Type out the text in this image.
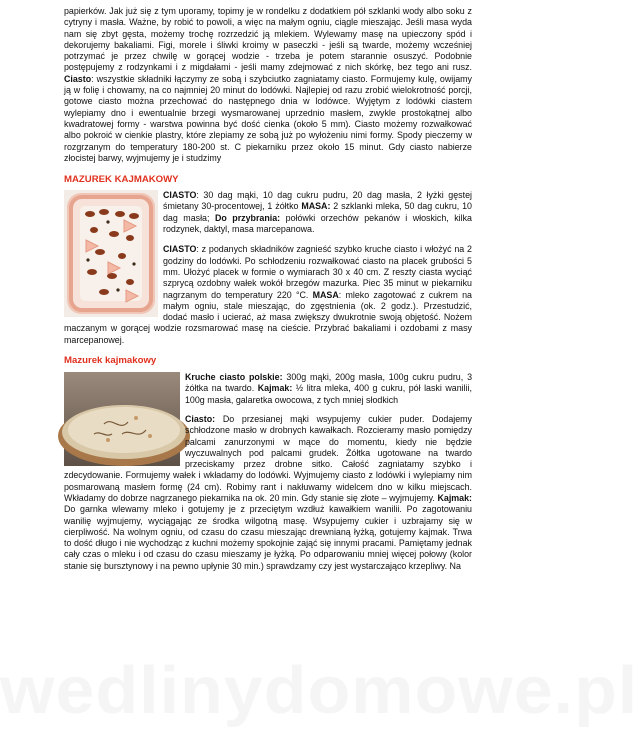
papierków. Jak już się z tym uporamy, topimy je w rondelku z dodatkiem pół szklanki wody albo soku z cytryny i masła. Ważne, by robić to powoli, a więc na małym ogniu, ciągle mieszając. Jeśli masa wyda nam się zbyt gęsta, możemy trochę rozrzedzić ją mlekiem. Wylewamy masę na upieczony spód i dekorujemy bakaliami. Figi, morele i śliwki kroimy w paseczki - jeśli są twarde, możemy wcześniej potrzymać je przez chwilę w gorącej wodzie - trzeba je potem starannie osuszyć. Podobnie postępujemy z rodzynkami i z migdałami - jeśli mamy zdejmować z nich skórkę, bez tego ani rusz. Ciasto: wszystkie składniki łączymy ze sobą i szybciutko zagniatamy ciasto. Formujemy kulę, owijamy ją w folię i chowamy, na co najmniej 20 minut do lodówki. Najlepiej od razu zrobić wielokrotność porcji, gotowe ciasto można przechować do następnego dnia w lodówce. Wyjętym z lodówki ciastem wylepiamy dno i ewentualnie brzegi wysmarowanej uprzednio masłem, zwykle prostokątnej albo kwadratowej formy - warstwa powinna być dość cienka (około 5 mm). Ciasto możemy rozwałkować albo pokroić w cienkie plastry, które zlepiamy ze sobą już po wyłożeniu nimi formy. Spody pieczemy w rozgrzanym do temperatury 180-200 st. C piekarniku przez około 15 minut. Gdy ciasto nabierze złocistej barwy, wyjmujemy je i studzimy

MAZUREK KAJMAKOWY

CIASTO: 30 dag mąki, 10 dag cukru pudru, 20 dag masła, 2 łyżki gęstej śmietany 30-procentowej, 1 żółtko MASA: 2 szklanki mleka, 50 dag cukru, 10 dag masła; Do przybrania: połówki orzechów pekanów i włoskich, kilka rodzynek, daktyl, masa marcepanowa.

CIASTO: z podanych składników zagnieść szybko kruche ciasto i włożyć na 2 godziny do lodówki. Po schłodzeniu rozwałkować ciasto na placek grubości 5 mm. Ułożyć placek w formie o wymiarach 30 x 40 cm. Z reszty ciasta wyciąć szprycą ozdobny wałek wokół brzegów mazurka. Piec 35 minut w piekarniku nagrzanym do temperatury 220 °C. MASA: mleko zagotować z cukrem na małym ogniu, stale mieszając, do zgęstnienia (ok. 2 godz.). Przestudzić, dodać masło i ucierać, aż masa zwiększy dwukrotnie swoją objętość. Nożem maczanym w gorącej wodzie rozsmarować masę na cieście. Przybrać bakaliami i ozdobami z masy marcepanowej.

Mazurek kajmakowy

Kruche ciasto polskie: 300g mąki, 200g masła, 100g cukru pudru, 3 żółtka na twardo. Kajmak: ½ litra mleka, 400 g cukru, pół laski wanilii, 100g masła, galaretka owocowa, z tych mniej słodkich

Ciasto: Do przesianej mąki wsypujemy cukier puder. Dodajemy schłodzone masło w drobnych kawałkach. Rozcieramy masło pomiędzy palcami zanurzonymi w mące do momentu, kiedy nie będzie wyczuwalnych pod palcami grudek. Żółtka ugotowane na twardo przeciskamy przez drobne sitko. Całość zagniatamy szybko i zdecydowanie. Formujemy wałek i wkładamy do lodówki. Wyjmujemy ciasto z lodówki i wylepiamy nim posmarowaną masłem formę (24 cm). Robimy rant i nakłuwamy widelcem dno w kilku miejscach. Wkładamy do dobrze nagrzanego piekarnika na ok. 20 min. Gdy stanie się złote – wyjmujemy. Kajmak: Do garnka wlewamy mleko i gotujemy je z przeciętym wzdłuż kawałkiem wanilii. Po zagotowaniu wanilię wyjmujemy, wyciągając ze środka wilgotną masę. Wsypujemy cukier i uzbrajamy się w cierpliwość. Na wolnym ogniu, od czasu do czasu mieszając drewnianą łyżką, gotujemy kajmak. Trwa to dość długo i nie wychodząc z kuchni możemy spokojnie zająć się innymi pracami. Pamiętamy jednak cały czas o mleku i od czasu do czasu mieszamy je łyżką. Po odparowaniu mniej więcej połowy (kolor stanie się bursztynowy i na pewno upłynie 30 min.) sprawdzamy czy jest wystarczająco krzepliwy. Na

wedlinydomowe.pl
